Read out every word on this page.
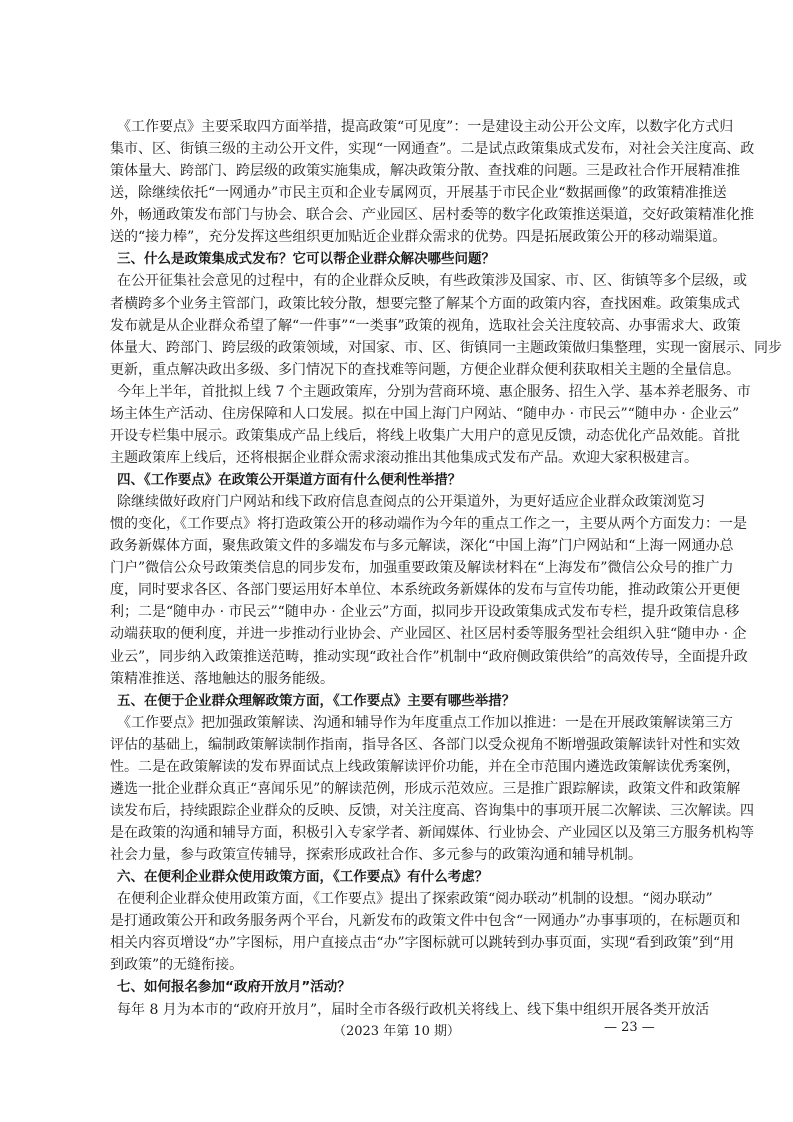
《工作要点》主要采取四方面举措，提高政策“可见度”：一是建设主动公开公文库，以数字化方式归
集市、区、街镇三级的主动公开文件，实现“一网通查”。二是试点政策集成式发布，对社会关注度高、政
策体量大、跨部门、跨层级的政策实施集成，解决政策分散、查找难的问题。三是政社合作开展精准推
送，除继续依托“一网通办”市民主页和企业专属网页，开展基于市民企业“数据画像”的政策精准推送
外，畅通政策发布部门与协会、联合会、产业园区、居村委等的数字化政策推送渠道，交好政策精准化推
送的“接力棒”，充分发挥这些组织更加贴近企业群众需求的优势。四是拓展政策公开的移动端渠道。
三、什么是政策集成式发布？它可以帮企业群众解决哪些问题？
在公开征集社会意见的过程中，有的企业群众反映，有些政策涉及国家、市、区、街镇等多个层级，或
者横跨多个业务主管部门，政策比较分散，想要完整了解某个方面的政策内容，查找困难。政策集成式
发布就是从企业群众希望了解“一件事”“一类事”政策的视角，选取社会关注度较高、办事需求大、政策
体量大、跨部门、跨层级的政策领域，对国家、市、区、街镇同一主题政策做归集整理，实现一窗展示、同步
更新，重点解决政出多级、多门情况下的查找难等问题，方便企业群众便利获取相关主题的全量信息。
今年上半年，首批拟上线 7 个主题政策库，分别为营商环境、惠企服务、招生入学、基本养老服务、市
场主体生产活动、住房保障和人口发展。拟在中国上海门户网站、“随申办 · 市民云”“随申办 · 企业云”
开设专栏集中展示。政策集成产品上线后，将线上收集广大用户的意见反馈，动态优化产品效能。首批
主题政策库上线后，还将根据企业群众需求滚动推出其他集成式发布产品。欢迎大家积极建言。
四、《工作要点》在政策公开渠道方面有什么便利性举措？
除继续做好政府门户网站和线下政府信息查阅点的公开渠道外，为更好适应企业群众政策浏览习
惯的变化，《工作要点》将打造政策公开的移动端作为今年的重点工作之一，主要从两个方面发力：一是
政务新媒体方面，聚焦政策文件的多端发布与多元解读，深化“中国上海”门户网站和“上海一网通办总
门户”微信公众号政策类信息的同步发布，加强重要政策及解读材料在“上海发布”微信公众号的推广力
度，同时要求各区、各部门要运用好本单位、本系统政务新媒体的发布与宣传功能，推动政策公开更便
利；二是“随申办 · 市民云”“随申办 · 企业云”方面，拟同步开设政策集成式发布专栏，提升政策信息移
动端获取的便利度，并进一步推动行业协会、产业园区、社区居村委等服务型社会组织入驻“随申办 · 企
业云”，同步纳入政策推送范畴，推动实现“政社合作”机制中“政府侧政策供给”的高效传导，全面提升政
策精准推送、落地触达的服务能级。
五、在便于企业群众理解政策方面，《工作要点》主要有哪些举措？
《工作要点》把加强政策解读、沟通和辅导作为年度重点工作加以推进：一是在开展政策解读第三方
评估的基础上，编制政策解读制作指南，指导各区、各部门以受众视角不断增强政策解读针对性和实效
性。二是在政策解读的发布界面试点上线政策解读评价功能，并在全市范围内遴选政策解读优秀案例，
遴选一批企业群众真正“喜闻乐见”的解读范例，形成示范效应。三是推广跟踪解读，政策文件和政策解
读发布后，持续跟踪企业群众的反映、反馈，对关注度高、咨询集中的事项开展二次解读、三次解读。四
是在政策的沟通和辅导方面，积极引入专家学者、新闻媒体、行业协会、产业园区以及第三方服务机构等
社会力量，参与政策宣传辅导，探索形成政社合作、多元参与的政策沟通和辅导机制。
六、在便利企业群众使用政策方面，《工作要点》有什么考虑？
在便利企业群众使用政策方面，《工作要点》提出了探索政策“阅办联动”机制的设想。“阅办联动”
是打通政策公开和政务服务两个平台，凡新发布的政策文件中包含“一网通办”办事事项的，在标题页和
相关内容页增设“办”字图标，用户直接点击“办”字图标就可以跳转到办事页面，实现“看到政策”到“用
到政策”的无缝衔接。
七、如何报名参加“政府开放月”活动？
每年 8 月为本市的“政府开放月”，届时全市各级行政机关将线上、线下集中组织开展各类开放活
（2023 年第 10 期）	— 23 —
